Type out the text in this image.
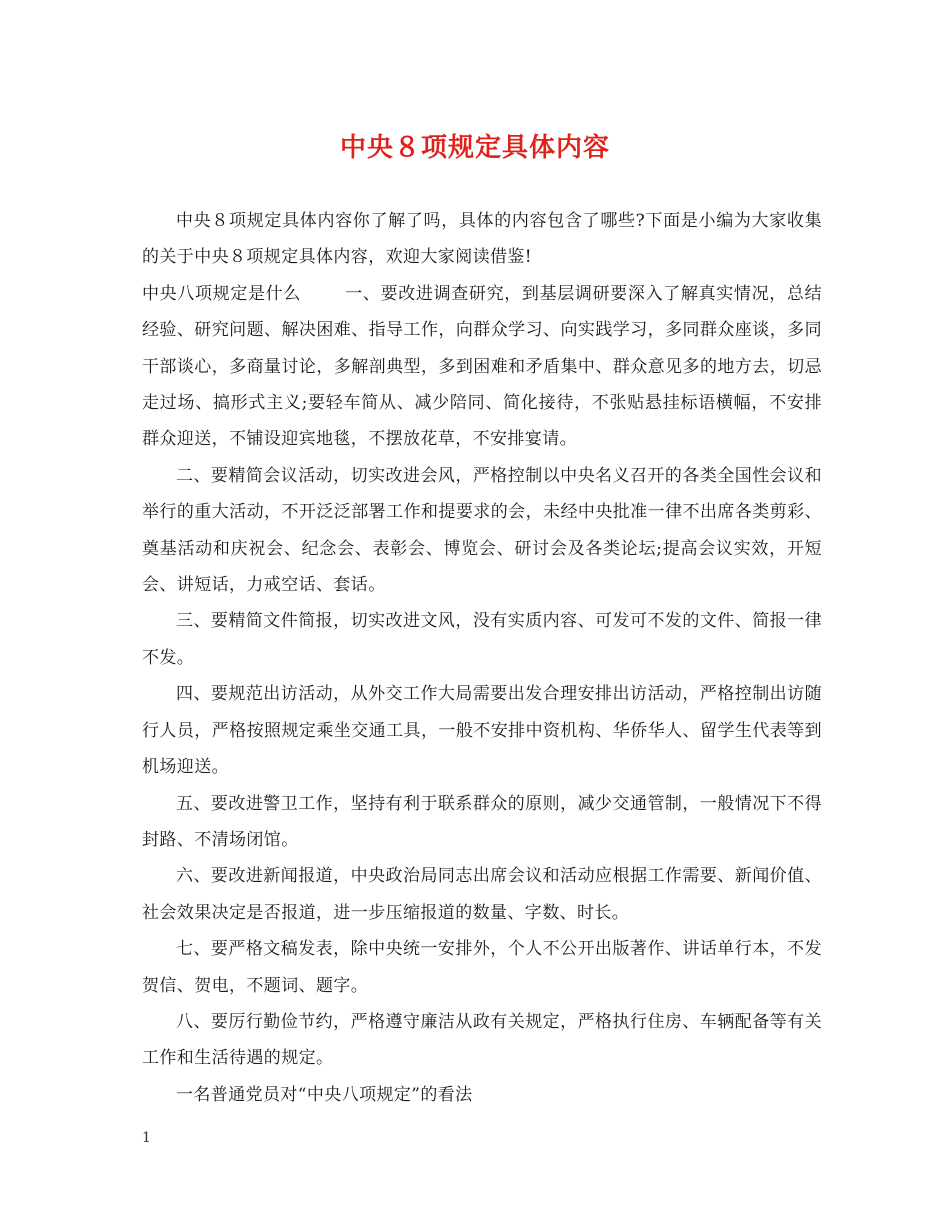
中央８项规定具体内容

中央８项规定具体内容你了解了吗，具体的内容包含了哪些?下面是小编为大家收集的关于中央８项规定具体内容，欢迎大家阅读借鉴!

中央八项规定是什么	一、要改进调查研究，到基层调研要深入了解真实情况，总结经验、研究问题、解决困难、指导工作，向群众学习、向实践学习，多同群众座谈，多同干部谈心，多商量讨论，多解剖典型，多到困难和矛盾集中、群众意见多的地方去，切忌走过场、搞形式主义;要轻车简从、减少陪同、简化接待，不张贴悬挂标语横幅，不安排群众迎送，不铺设迎宾地毯，不摆放花草，不安排宴请。

二、要精简会议活动，切实改进会风，严格控制以中央名义召开的各类全国性会议和举行的重大活动，不开泛泛部署工作和提要求的会，未经中央批准一律不出席各类剪彩、奠基活动和庆祝会、纪念会、表彰会、博览会、研讨会及各类论坛;提高会议实效，开短会、讲短话，力戒空话、套话。

三、要精简文件简报，切实改进文风，没有实质内容、可发可不发的文件、简报一律不发。

四、要规范出访活动，从外交工作大局需要出发合理安排出访活动，严格控制出访随行人员，严格按照规定乘坐交通工具，一般不安排中资机构、华侨华人、留学生代表等到机场迎送。

五、要改进警卫工作，坚持有利于联系群众的原则，减少交通管制，一般情况下不得封路、不清场闭馆。

六、要改进新闻报道，中央政治局同志出席会议和活动应根据工作需要、新闻价值、社会效果决定是否报道，进一步压缩报道的数量、字数、时长。

七、要严格文稿发表，除中央统一安排外，个人不公开出版著作、讲话单行本，不发贺信、贺电，不题词、题字。

八、要厉行勤俭节约，严格遵守廉洁从政有关规定，严格执行住房、车辆配备等有关工作和生活待遇的规定。

一名普通党员对“中央八项规定”的看法

1
